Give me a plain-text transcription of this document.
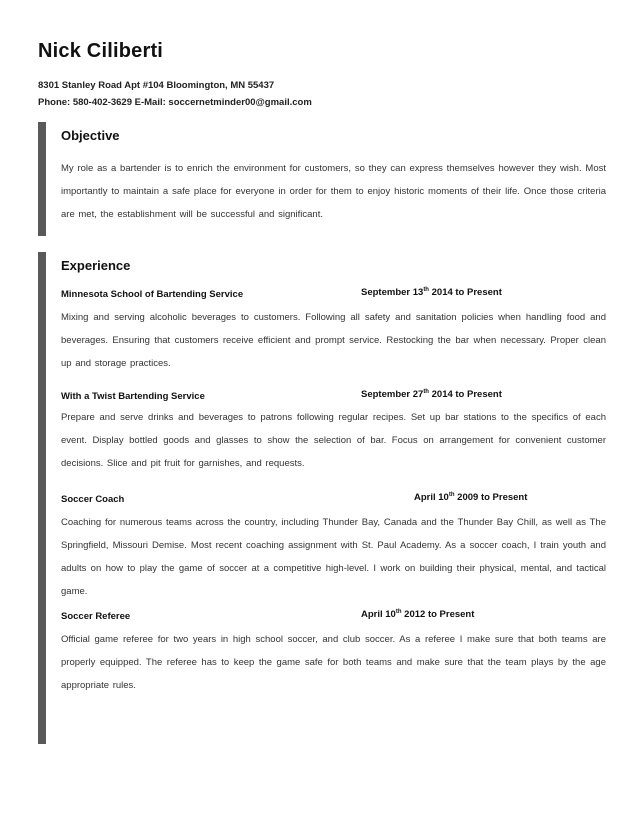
Nick Ciliberti
8301 Stanley Road Apt #104 Bloomington, MN 55437
Phone: 580-402-3629 E-Mail: soccernetminder00@gmail.com
Objective
My role as a bartender is to enrich the environment for customers, so they can express themselves however they wish. Most importantly to maintain a safe place for everyone in order for them to enjoy historic moments of their life. Once those criteria are met, the establishment will be successful and significant.
Experience
Minnesota School of Bartending Service	September 13th 2014 to Present
Mixing and serving alcoholic beverages to customers. Following all safety and sanitation policies when handling food and beverages. Ensuring that customers receive efficient and prompt service. Restocking the bar when necessary. Proper clean up and storage practices.
With a Twist Bartending Service	September 27th 2014 to Present
Prepare and serve drinks and beverages to patrons following regular recipes. Set up bar stations to the specifics of each event. Display bottled goods and glasses to show the selection of bar. Focus on arrangement for convenient customer decisions. Slice and pit fruit for garnishes, and requests.
Soccer Coach	April 10th 2009 to Present
Coaching for numerous teams across the country, including Thunder Bay, Canada and the Thunder Bay Chill, as well as The Springfield, Missouri Demise. Most recent coaching assignment with St. Paul Academy. As a soccer coach, I train youth and adults on how to play the game of soccer at a competitive high-level. I work on building their physical, mental, and tactical game.
Soccer Referee	April 10th 2012 to Present
Official game referee for two years in high school soccer, and club soccer. As a referee I make sure that both teams are properly equipped. The referee has to keep the game safe for both teams and make sure that the team plays by the age appropriate rules.
